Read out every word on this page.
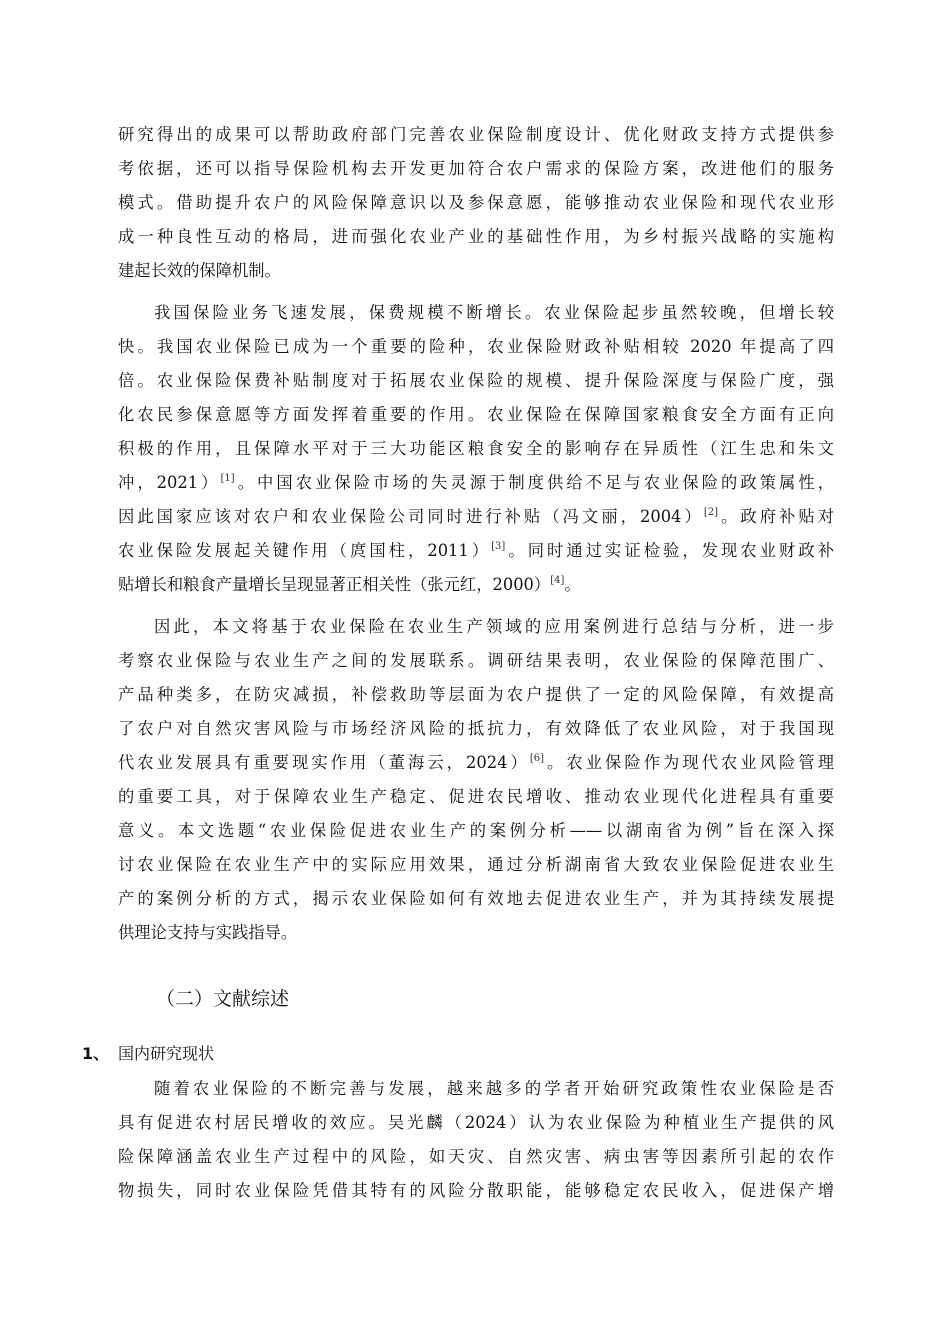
研究得出的成果可以帮助政府部门完善农业保险制度设计、优化财政支持方式提供参
考依据，还可以指导保险机构去开发更加符合农户需求的保险方案，改进他们的服务
模式。借助提升农户的风险保障意识以及参保意愿，能够推动农业保险和现代农业形
成一种良性互动的格局，进而强化农业产业的基础性作用，为乡村振兴战略的实施构
建起长效的保障机制。
我国保险业务飞速发展，保费规模不断增长。农业保险起步虽然较晚，但增长较
快。我国农业保险已成为一个重要的险种，农业保险财政补贴相较 2020 年提高了四
倍。农业保险保费补贴制度对于拓展农业保险的规模、提升保险深度与保险广度，强
化农民参保意愿等方面发挥着重要的作用。农业保险在保障国家粮食安全方面有正向
积极的作用，且保障水平对于三大功能区粮食安全的影响存在异质性（江生忠和朱文
冲，2021）[1]。中国农业保险市场的失灵源于制度供给不足与农业保险的政策属性，
因此国家应该对农户和农业保险公司同时进行补贴（冯文丽，2004）[2]。政府补贴对
农业保险发展起关键作用（庹国柱，2011）[3]。同时通过实证检验，发现农业财政补
贴增长和粮食产量增长呈现显著正相关性（张元红，2000）[4]。
因此，本文将基于农业保险在农业生产领域的应用案例进行总结与分析，进一步
考察农业保险与农业生产之间的发展联系。调研结果表明，农业保险的保障范围广、
产品种类多，在防灾减损，补偿救助等层面为农户提供了一定的风险保障，有效提高
了农户对自然灾害风险与市场经济风险的抵抗力，有效降低了农业风险，对于我国现
代农业发展具有重要现实作用（董海云，2024）[6]。农业保险作为现代农业风险管理
的重要工具，对于保障农业生产稳定、促进农民增收、推动农业现代化进程具有重要
意义。本文选题“农业保险促进农业生产的案例分析——以湖南省为例”旨在深入探
讨农业保险在农业生产中的实际应用效果，通过分析湖南省大致农业保险促进农业生
产的案例分析的方式，揭示农业保险如何有效地去促进农业生产，并为其持续发展提
供理论支持与实践指导。
（二）文献综述
1、 国内研究现状
随着农业保险的不断完善与发展，越来越多的学者开始研究政策性农业保险是否
具有促进农村居民增收的效应。吴光麟（2024）认为农业保险为种植业生产提供的风
险保障涵盖农业生产过程中的风险，如天灾、自然灾害、病虫害等因素所引起的农作
物损失，同时农业保险凭借其特有的风险分散职能，能够稳定农民收入，促进保产增
